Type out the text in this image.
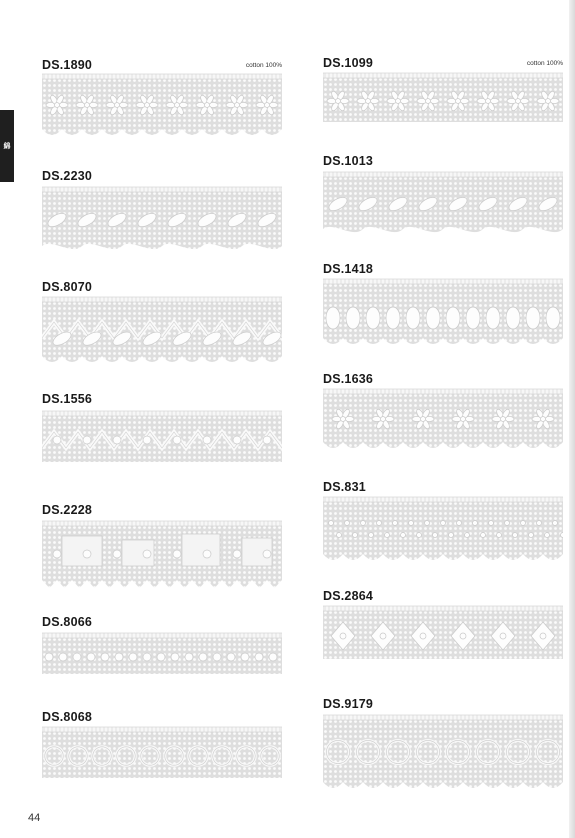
綿
DS.1890	cotton 100%
DS.2230
DS.8070
DS.1556
DS.2228
DS.8066
DS.8068
DS.1099	cotton 100%
DS.1013
DS.1418
DS.1636
DS.831
DS.2864
DS.9179
44
